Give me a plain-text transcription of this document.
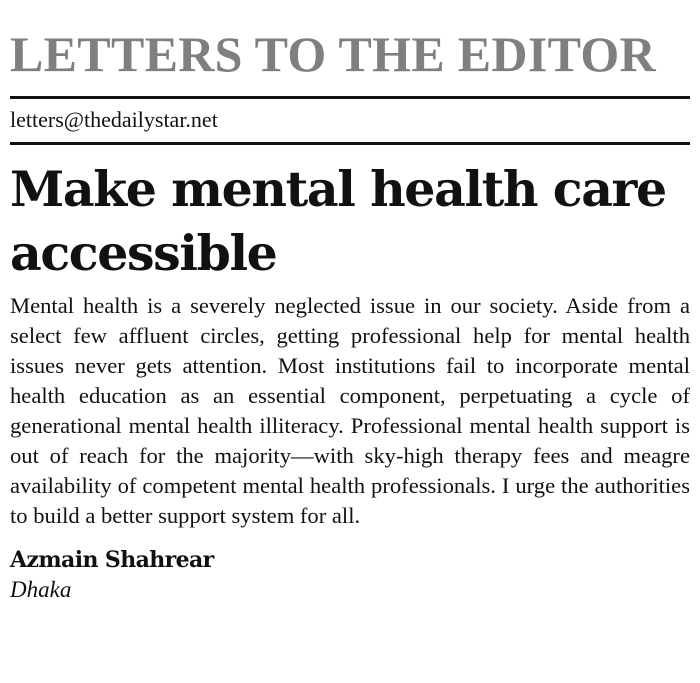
LETTERS TO THE EDITOR
letters@thedailystar.net
Make mental health care accessible

Mental health is a severely neglected issue in our society. Aside from a select few affluent circles, getting professional help for mental health issues never gets attention. Most institutions fail to incorporate mental health education as an essential component, perpetuating a cycle of generational mental health illiteracy. Professional mental health support is out of reach for the majority—with sky-high therapy fees and meagre availability of competent mental health professionals. I urge the authorities to build a better support system for all.

Azmain Shahrear
Dhaka
